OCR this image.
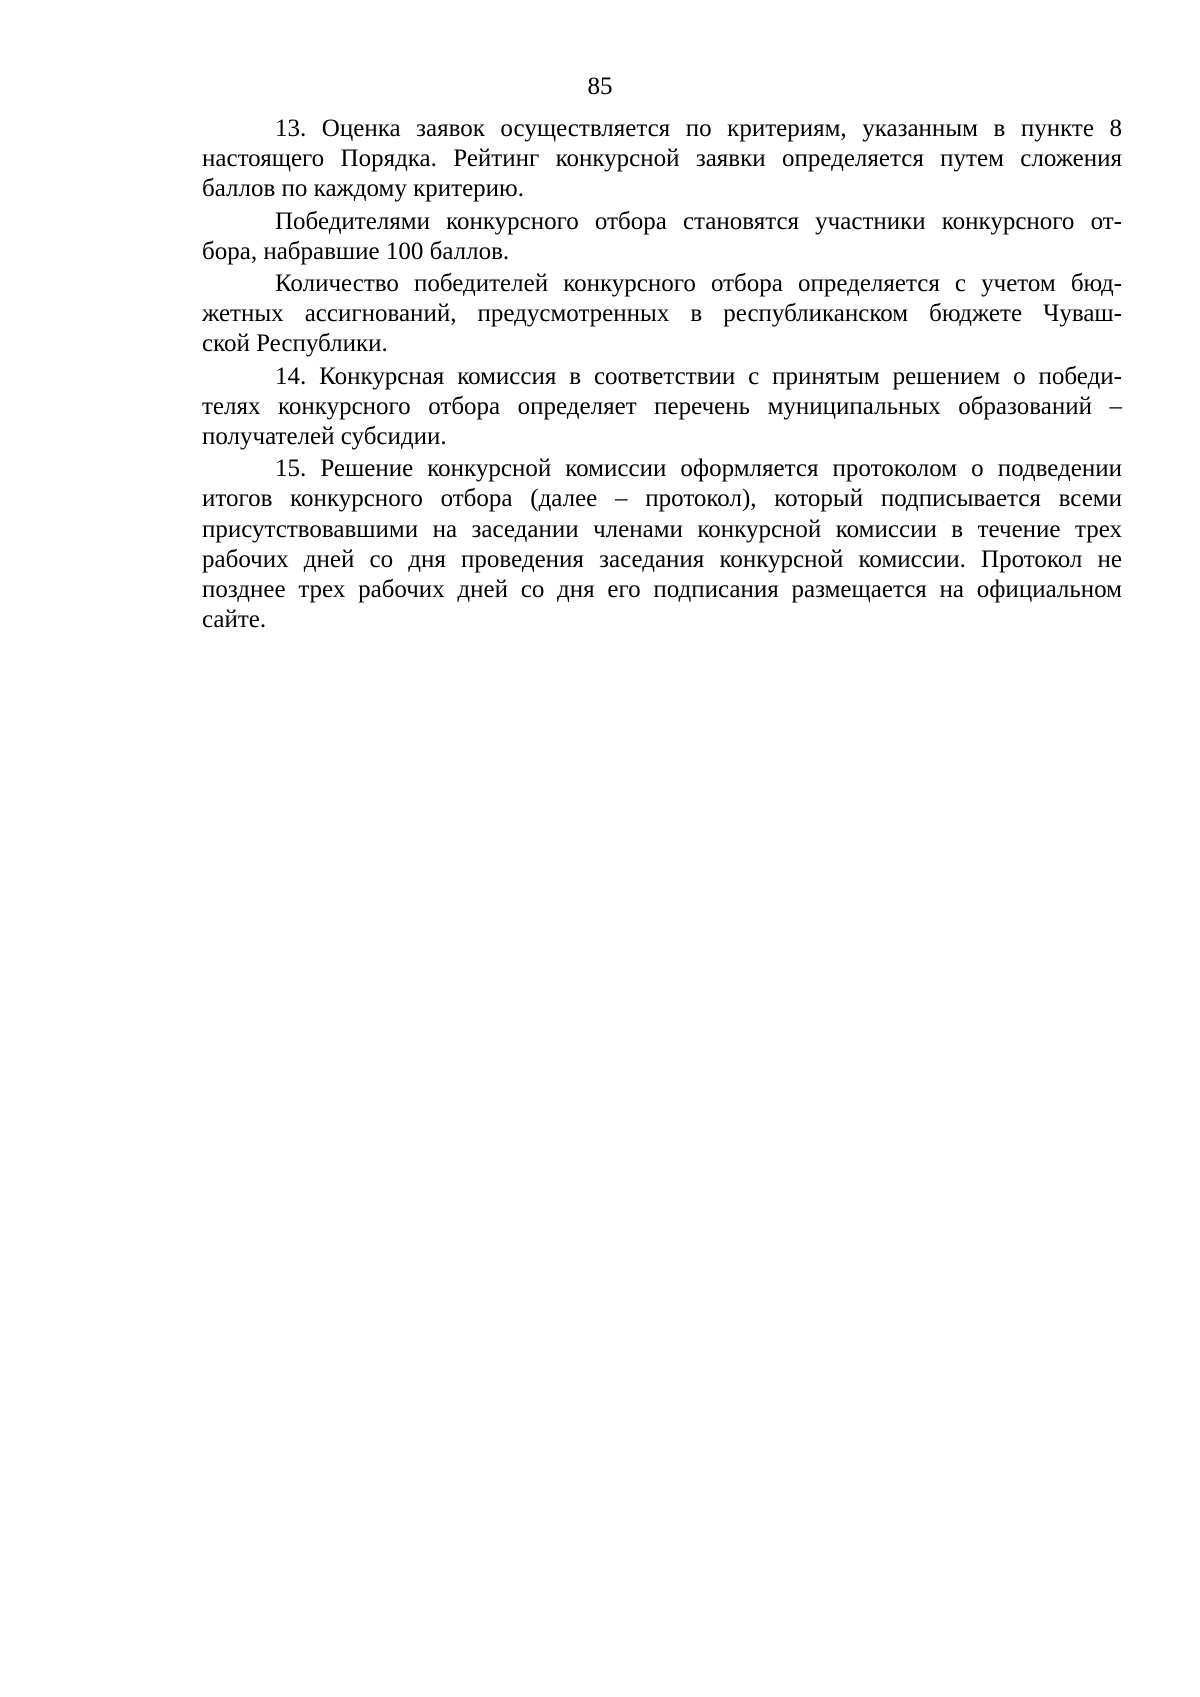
85

13. Оценка заявок осуществляется по критериям, указанным в пункте 8
настоящего Порядка. Рейтинг конкурсной заявки определяется путем сложения
баллов по каждому критерию.

Победителями конкурсного отбора становятся участники конкурсного от-
бора, набравшие 100 баллов.

Количество победителей конкурсного отбора определяется с учетом бюд-
жетных ассигнований, предусмотренных в республиканском бюджете Чуваш-
ской Республики.

14. Конкурсная комиссия в соответствии с принятым решением о победи-
телях конкурсного отбора определяет перечень муниципальных образований –
получателей субсидии.

15. Решение конкурсной комиссии оформляется протоколом о подведении
итогов конкурсного отбора (далее – протокол), который подписывается всеми
присутствовавшими на заседании членами конкурсной комиссии в течение трех
рабочих дней со дня проведения заседания конкурсной комиссии. Протокол не
позднее трех рабочих дней со дня его подписания размещается на официальном
сайте.
